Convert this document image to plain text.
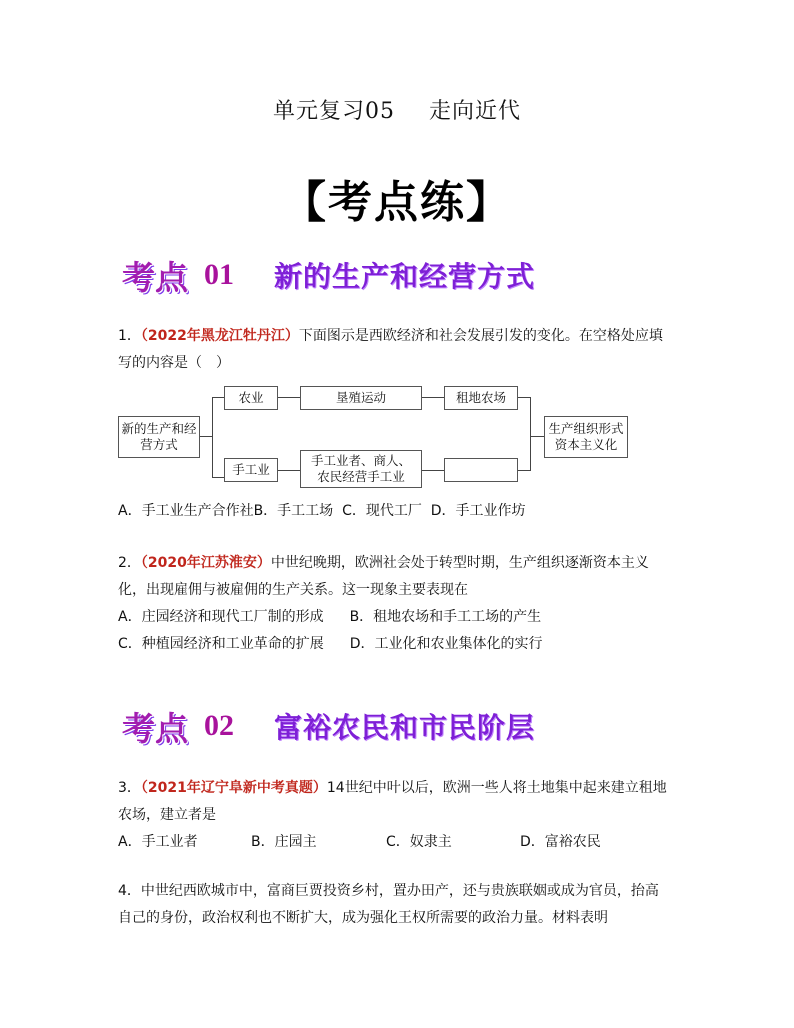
单元复习05 走向近代
【考点练】
考点 01 新的生产和经营方式
1．（2022年黑龙江牡丹江）下面图示是西欧经济和社会发展引发的变化。在空格处应填
写的内容是（　）
新的生产和经营方式
农业	垦殖运动	租地农场
手工业
手工业者、商人、农民经营手工业
生产组织形式资本主义化
A．手工业生产合作社B．手工工场  C．现代工厂  D．手工业作坊
2．（2020年江苏淮安）中世纪晚期，欧洲社会处于转型时期，生产组织逐渐资本主义
化，出现雇佣与被雇佣的生产关系。这一现象主要表现在
A．庄园经济和现代工厂制的形成 B．租地农场和手工工场的产生
C．种植园经济和工业革命的扩展 D．工业化和农业集体化的实行
考点 02 富裕农民和市民阶层
3．（2021年辽宁阜新中考真题）14世纪中叶以后，欧洲一些人将土地集中起来建立租地
农场，建立者是
A．手工业者	B．庄园主	C．奴隶主	D．富裕农民
4．中世纪西欧城市中，富商巨贾投资乡村，置办田产，还与贵族联姻或成为官员，抬高
自己的身份，政治权利也不断扩大，成为强化王权所需要的政治力量。材料表明
